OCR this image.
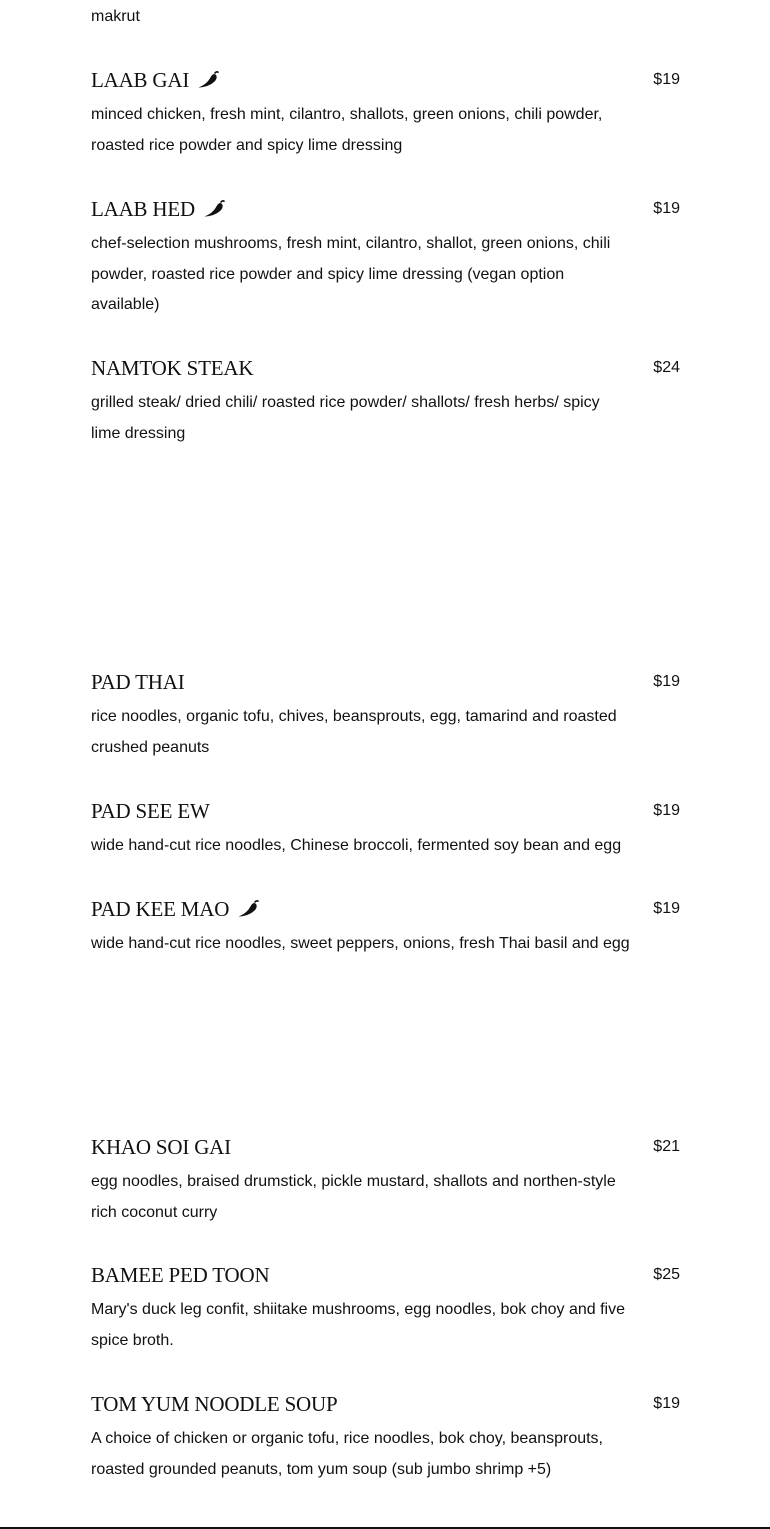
makrut
LAAB GAI	$19
minced chicken, fresh mint, cilantro, shallots, green onions, chili powder, roasted rice powder and spicy lime dressing
LAAB HED	$19
chef-selection mushrooms, fresh mint, cilantro, shallot, green onions, chili powder, roasted rice powder and spicy lime dressing (vegan option available)
NAMTOK STEAK	$24
grilled steak/ dried chili/ roasted rice powder/ shallots/ fresh herbs/ spicy lime dressing
PAD THAI	$19
rice noodles, organic tofu, chives, beansprouts, egg, tamarind and roasted crushed peanuts
PAD SEE EW	$19
wide hand-cut rice noodles, Chinese broccoli, fermented soy bean and egg
PAD KEE MAO	$19
wide hand-cut rice noodles, sweet peppers, onions, fresh Thai basil and egg
KHAO SOI GAI	$21
egg noodles, braised drumstick, pickle mustard, shallots and northen-style rich coconut curry
BAMEE PED TOON	$25
Mary's duck leg confit, shiitake mushrooms, egg noodles, bok choy and five spice broth.
TOM YUM NOODLE SOUP	$19
A choice of chicken or organic tofu, rice noodles, bok choy, beansprouts, roasted grounded peanuts, tom yum soup (sub jumbo shrimp +5)
